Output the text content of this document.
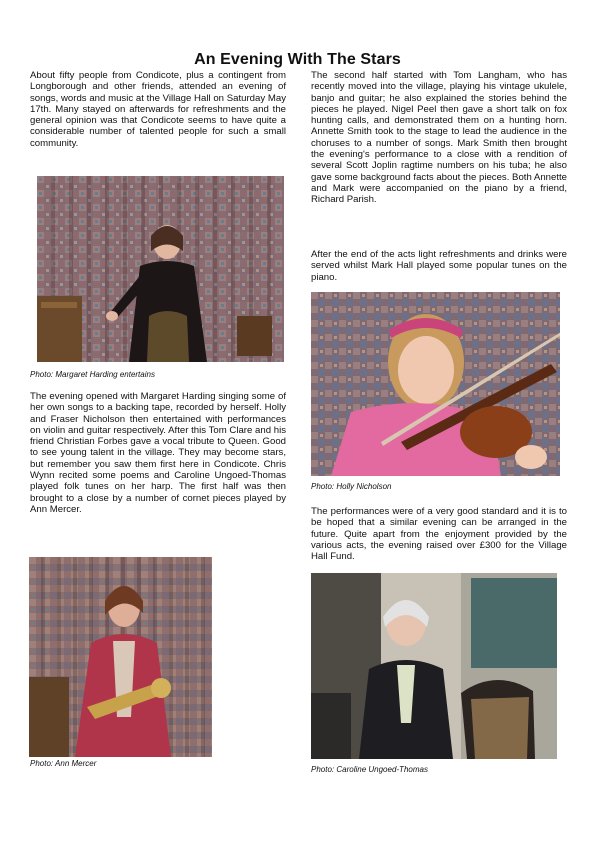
An Evening With The Stars

About fifty people from Condicote, plus a contingent from Longborough and other friends, attended an evening of songs, words and music at the Village Hall on Saturday May 17th. Many stayed on afterwards for refreshments and the general opinion was that Condicote seems to have quite a considerable number of talented people for such a small community.

Photo: Margaret Harding entertains

The evening opened with Margaret Harding singing some of her own songs to a backing tape, recorded by herself. Holly and Fraser Nicholson then entertained with performances on violin and guitar respectively. After this Tom Clare and his friend Christian Forbes gave a vocal tribute to Queen. Good to see young talent in the village. They may become stars, but remember you saw them first here in Condicote. Chris Wynn recited some poems and Caroline Ungoed-Thomas played folk tunes on her harp. The first half was then brought to a close by a number of cornet pieces played by Ann Mercer.

Photo: Ann Mercer

The second half started with Tom Langham, who has recently moved into the village, playing his vintage ukulele, banjo and guitar; he also explained the stories behind the pieces he played. Nigel Peel then gave a short talk on fox hunting calls, and demonstrated them on a hunting horn. Annette Smith took to the stage to lead the audience in the choruses to a number of songs. Mark Smith then brought the evening's performance to a close with a rendition of several Scott Joplin ragtime numbers on his tuba; he also gave some background facts about the pieces. Both Annette and Mark were accompanied on the piano by a friend, Richard Parish.

After the end of the acts light refreshments and drinks were served whilst Mark Hall played some popular tunes on the piano.

Photo: Holly Nicholson

The performances were of a very good standard and it is to be hoped that a similar evening can be arranged in the future. Quite apart from the enjoyment provided by the various acts, the evening raised over £300 for the Village Hall Fund.

Photo: Caroline Ungoed-Thomas
